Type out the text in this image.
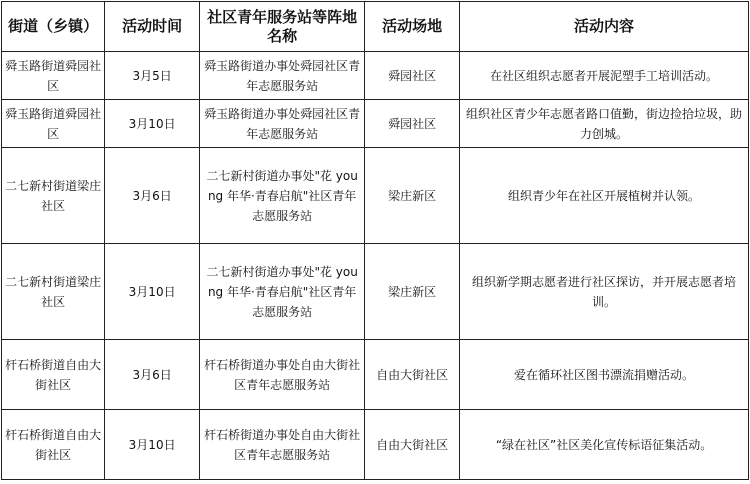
街道（乡镇）	活动时间	社区青年服务站等阵地名称	活动场地	活动内容
舜玉路街道舜园社区	3月5日	舜玉路街道办事处舜园社区青年志愿服务站	舜园社区	在社区组织志愿者开展泥塑手工培训活动。
舜玉路街道舜园社区	3月10日	舜玉路街道办事处舜园社区青年志愿服务站	舜园社区	组织社区青少年志愿者路口值勤，街边捡拾垃圾，助力创城。
二七新村街道梁庄社区	3月6日	二七新村街道办事处"花 young 年华·青春启航"社区青年志愿服务站	梁庄新区	组织青少年在社区开展植树并认领。
二七新村街道梁庄社区	3月10日	二七新村街道办事处"花 young 年华·青春启航"社区青年志愿服务站	梁庄新区	组织新学期志愿者进行社区探访，并开展志愿者培训。
杆石桥街道自由大街社区	3月6日	杆石桥街道办事处自由大街社区青年志愿服务站	自由大街社区	爱在循环社区图书漂流捐赠活动。
杆石桥街道自由大街社区	3月10日	杆石桥街道办事处自由大街社区青年志愿服务站	自由大街社区	“绿在社区”社区美化宣传标语征集活动。
